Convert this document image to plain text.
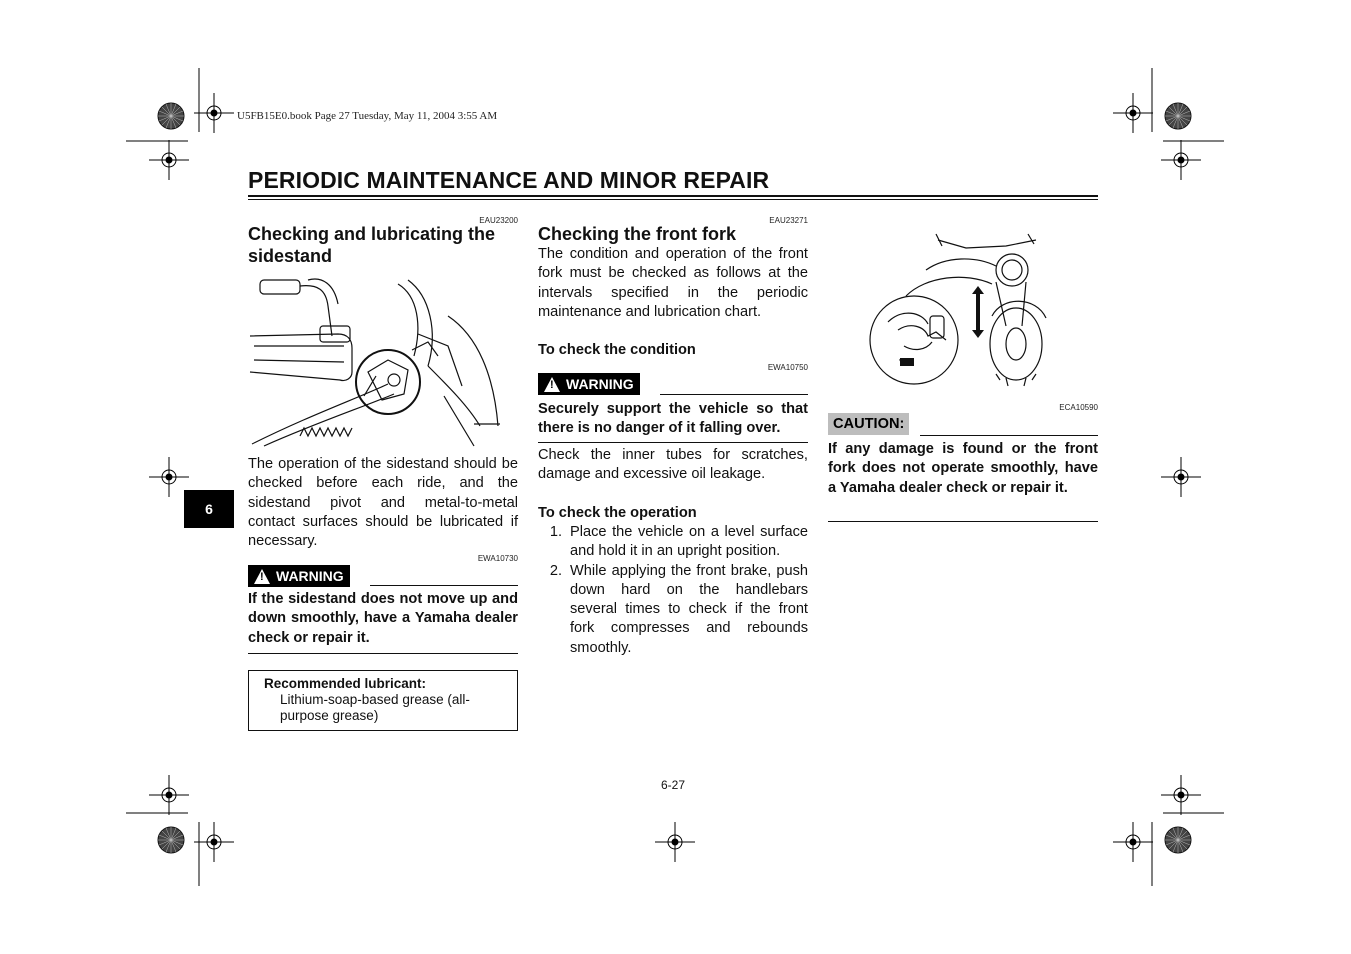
U5FB15E0.book Page 27 Tuesday, May 11, 2004 3:55 AM
PERIODIC MAINTENANCE AND MINOR REPAIR
6
EAU23200
Checking and lubricating the sidestand
The operation of the sidestand should be checked before each ride, and the sidestand pivot and metal-to-metal contact surfaces should be lubricated if necessary.
EWA10730
! WARNING
If the sidestand does not move up and down smoothly, have a Yamaha dealer check or repair it.
Recommended lubricant:
Lithium-soap-based grease (all-purpose grease)
EAU23271
Checking the front fork
The condition and operation of the front fork must be checked as follows at the intervals specified in the periodic maintenance and lubrication chart.
To check the condition
EWA10750
! WARNING
Securely support the vehicle so that there is no danger of it falling over.
Check the inner tubes for scratches, damage and excessive oil leakage.
To check the operation
1. Place the vehicle on a level surface and hold it in an upright position.
2. While applying the front brake, push down hard on the handlebars several times to check if the front fork compresses and rebounds smoothly.
ECA10590
CAUTION:
If any damage is found or the front fork does not operate smoothly, have a Yamaha dealer check or repair it.
6-27
